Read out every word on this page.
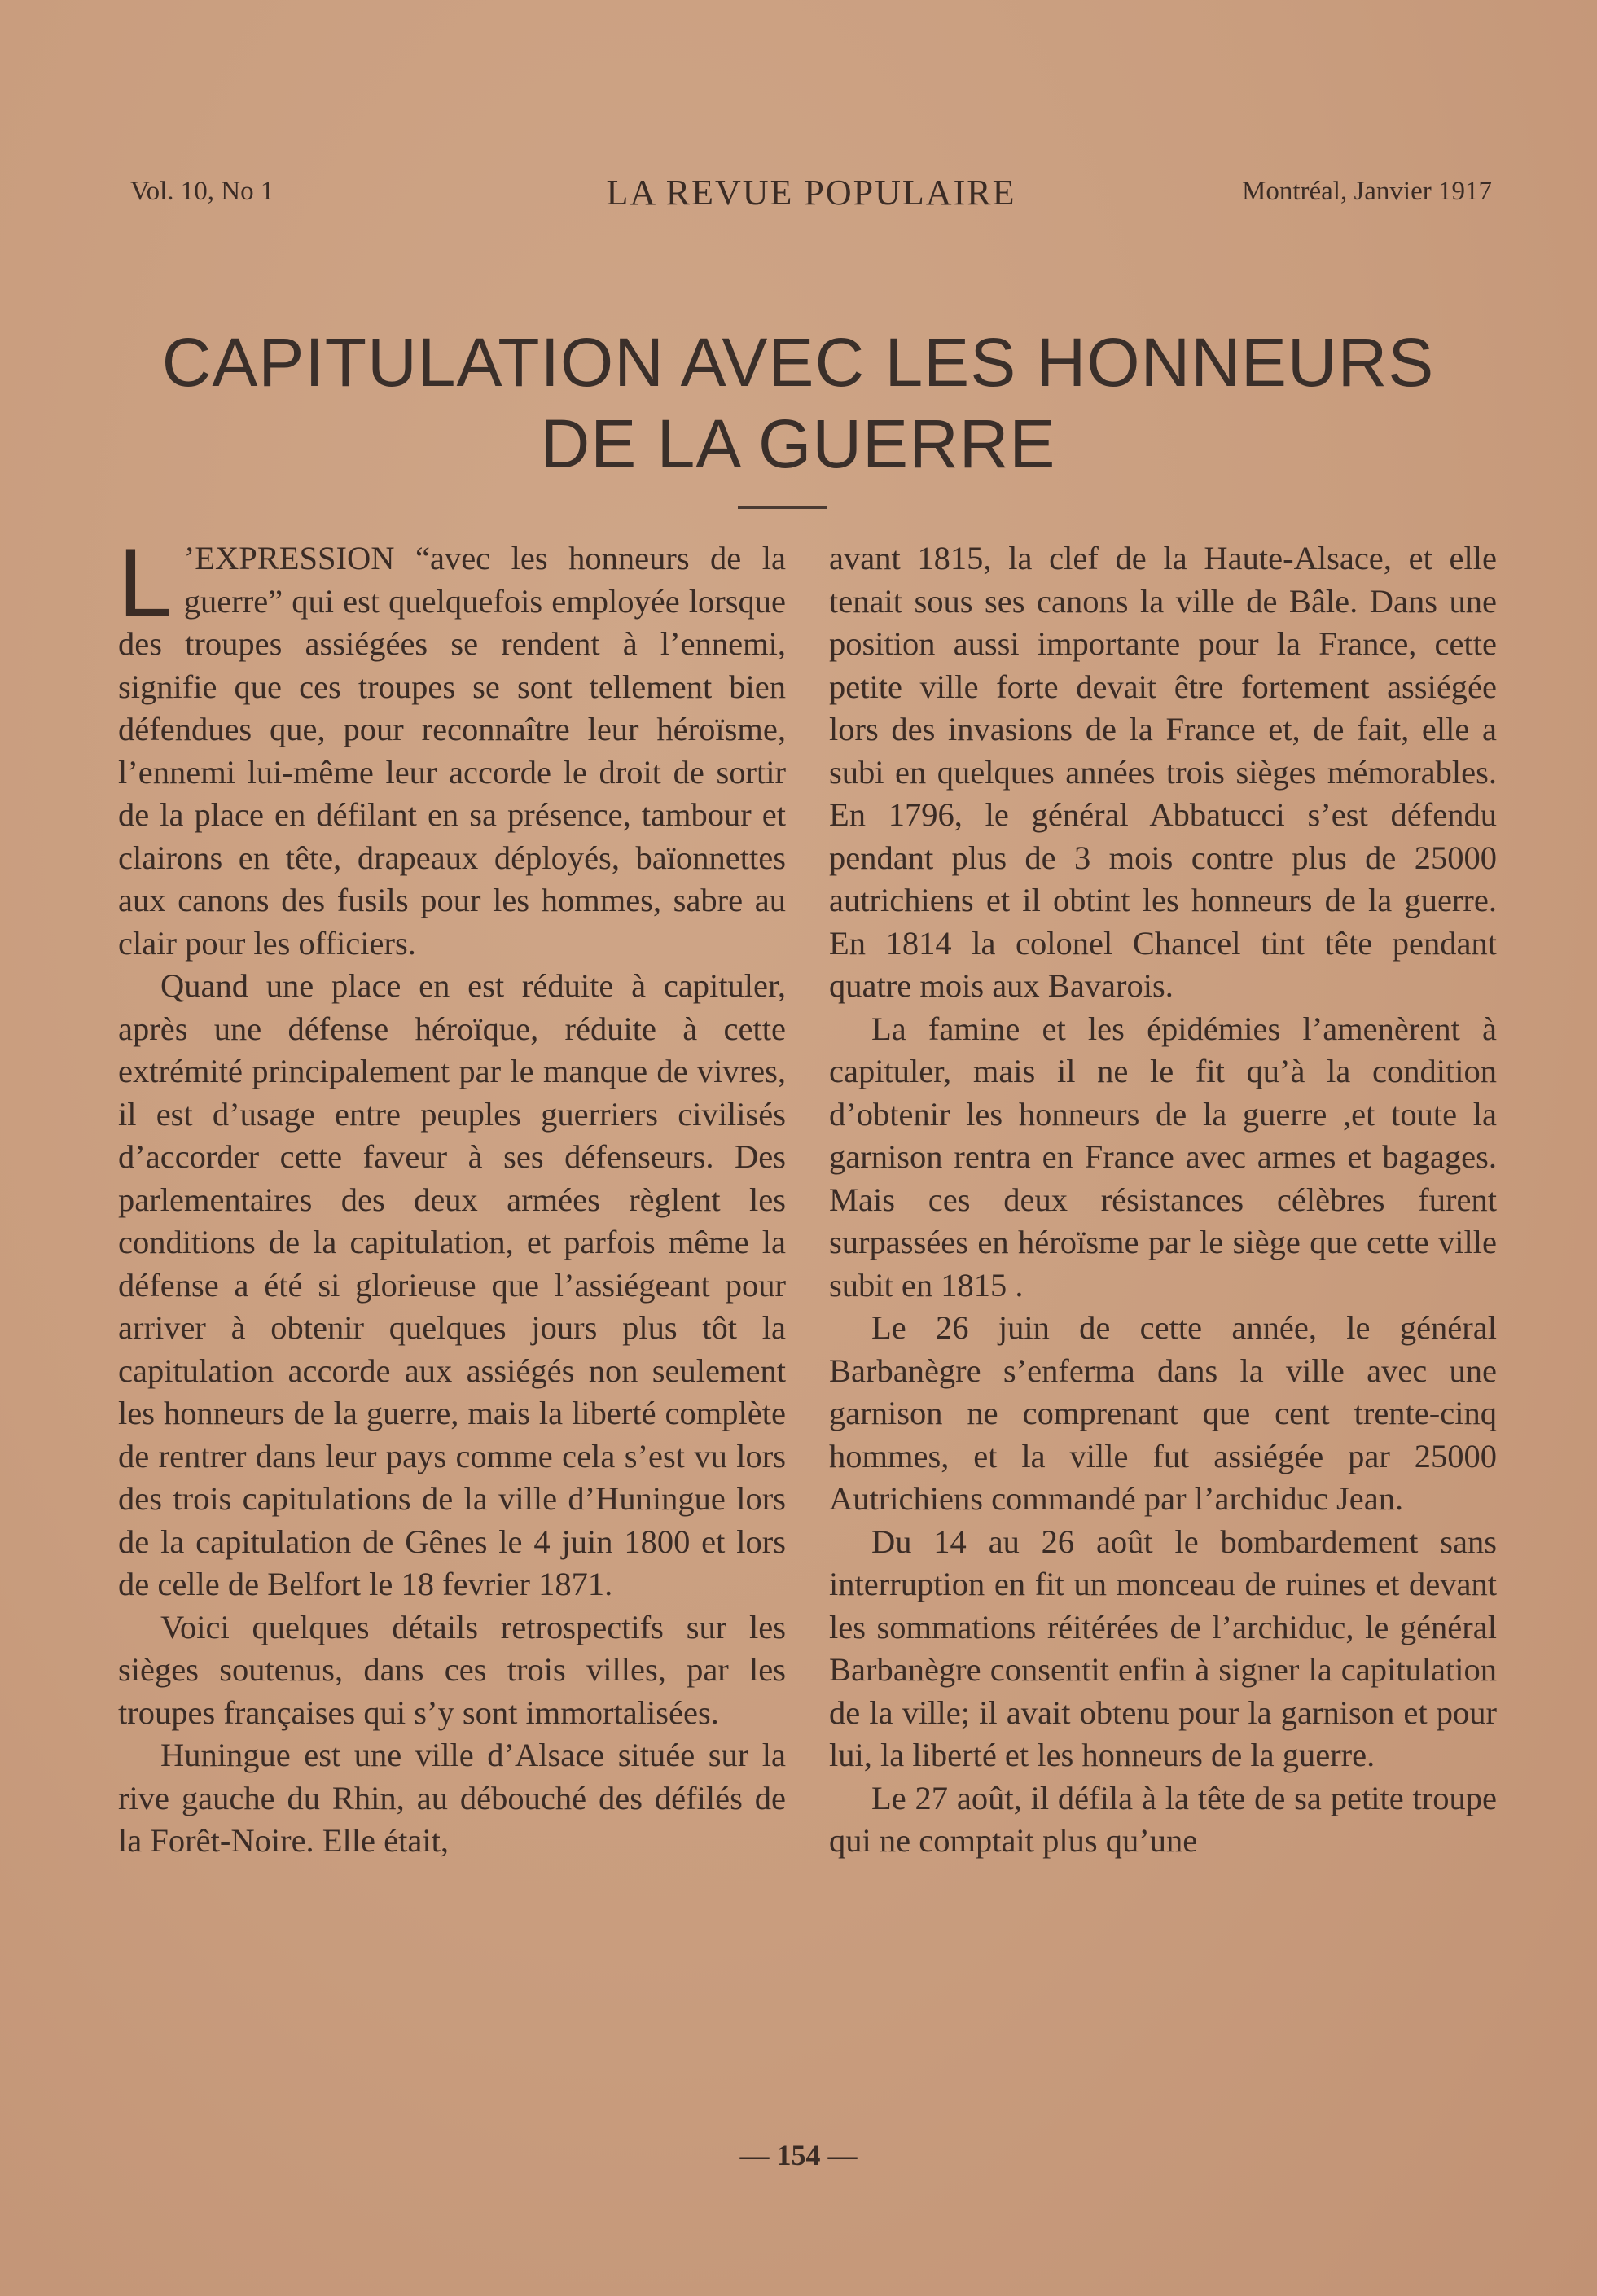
Vol. 10, No 1	LA REVUE POPULAIRE	Montréal, Janvier 1917
CAPITULATION AVEC LES HONNEURS
DE LA GUERRE

L ’EXPRESSION “avec les honneurs de la guerre” qui est quelquefois employée lorsque des troupes assiégées se rendent à l’ennemi, signifie que ces troupes se sont tellement bien défendues que, pour reconnaître leur héroïsme, l’ennemi lui-même leur accorde le droit de sortir de la place en défilant en sa présence, tambour et clairons en tête, drapeaux déployés, baïonnettes aux canons des fusils pour les hommes, sabre au clair pour les officiers.

Quand une place en est réduite à capituler, après une défense héroïque, réduite à cette extrémité principalement par le manque de vivres, il est d’usage entre peuples guerriers civilisés d’accorder cette faveur à ses défenseurs. Des parlementaires des deux armées règlent les conditions de la capitulation, et parfois même la défense a été si glorieuse que l’assiégeant pour arriver à obtenir quelques jours plus tôt la capitulation accorde aux assiégés non seulement les honneurs de la guerre, mais la liberté complète de rentrer dans leur pays comme cela s’est vu lors des trois capitulations de la ville d’Huningue lors de la capitulation de Gênes le 4 juin 1800 et lors de celle de Belfort le 18 fevrier 1871.

Voici quelques détails retrospectifs sur les sièges soutenus, dans ces trois villes, par les troupes françaises qui s’y sont immortalisées.

Huningue est une ville d’Alsace située sur la rive gauche du Rhin, au débouché des défilés de la Forêt-Noire. Elle était,

avant 1815, la clef de la Haute-Alsace, et elle tenait sous ses canons la ville de Bâle. Dans une position aussi importante pour la France, cette petite ville forte devait être fortement assiégée lors des invasions de la France et, de fait, elle a subi en quelques années trois sièges mémorables. En 1796, le général Abbatucci s’est défendu pendant plus de 3 mois contre plus de 25000 autrichiens et il obtint les honneurs de la guerre. En 1814 la colonel Chancel tint tête pendant quatre mois aux Bavarois.

La famine et les épidémies l’amenèrent à capituler, mais il ne le fit qu’à la condition d’obtenir les honneurs de la guerre ,et toute la garnison rentra en France avec armes et bagages. Mais ces deux résistances célèbres furent surpassées en héroïsme par le siège que cette ville subit en 1815 .

Le 26 juin de cette année, le général Barbanègre s’enferma dans la ville avec une garnison ne comprenant que cent trente-cinq hommes, et la ville fut assiégée par 25000 Autrichiens commandé par l’archiduc Jean.

Du 14 au 26 août le bombardement sans interruption en fit un monceau de ruines et devant les sommations réitérées de l’archiduc, le général Barbanègre consentit enfin à signer la capitulation de la ville; il avait obtenu pour la garnison et pour lui, la liberté et les honneurs de la guerre.

Le 27 août, il défila à la tête de sa petite troupe qui ne comptait plus qu’une

— 154 —
